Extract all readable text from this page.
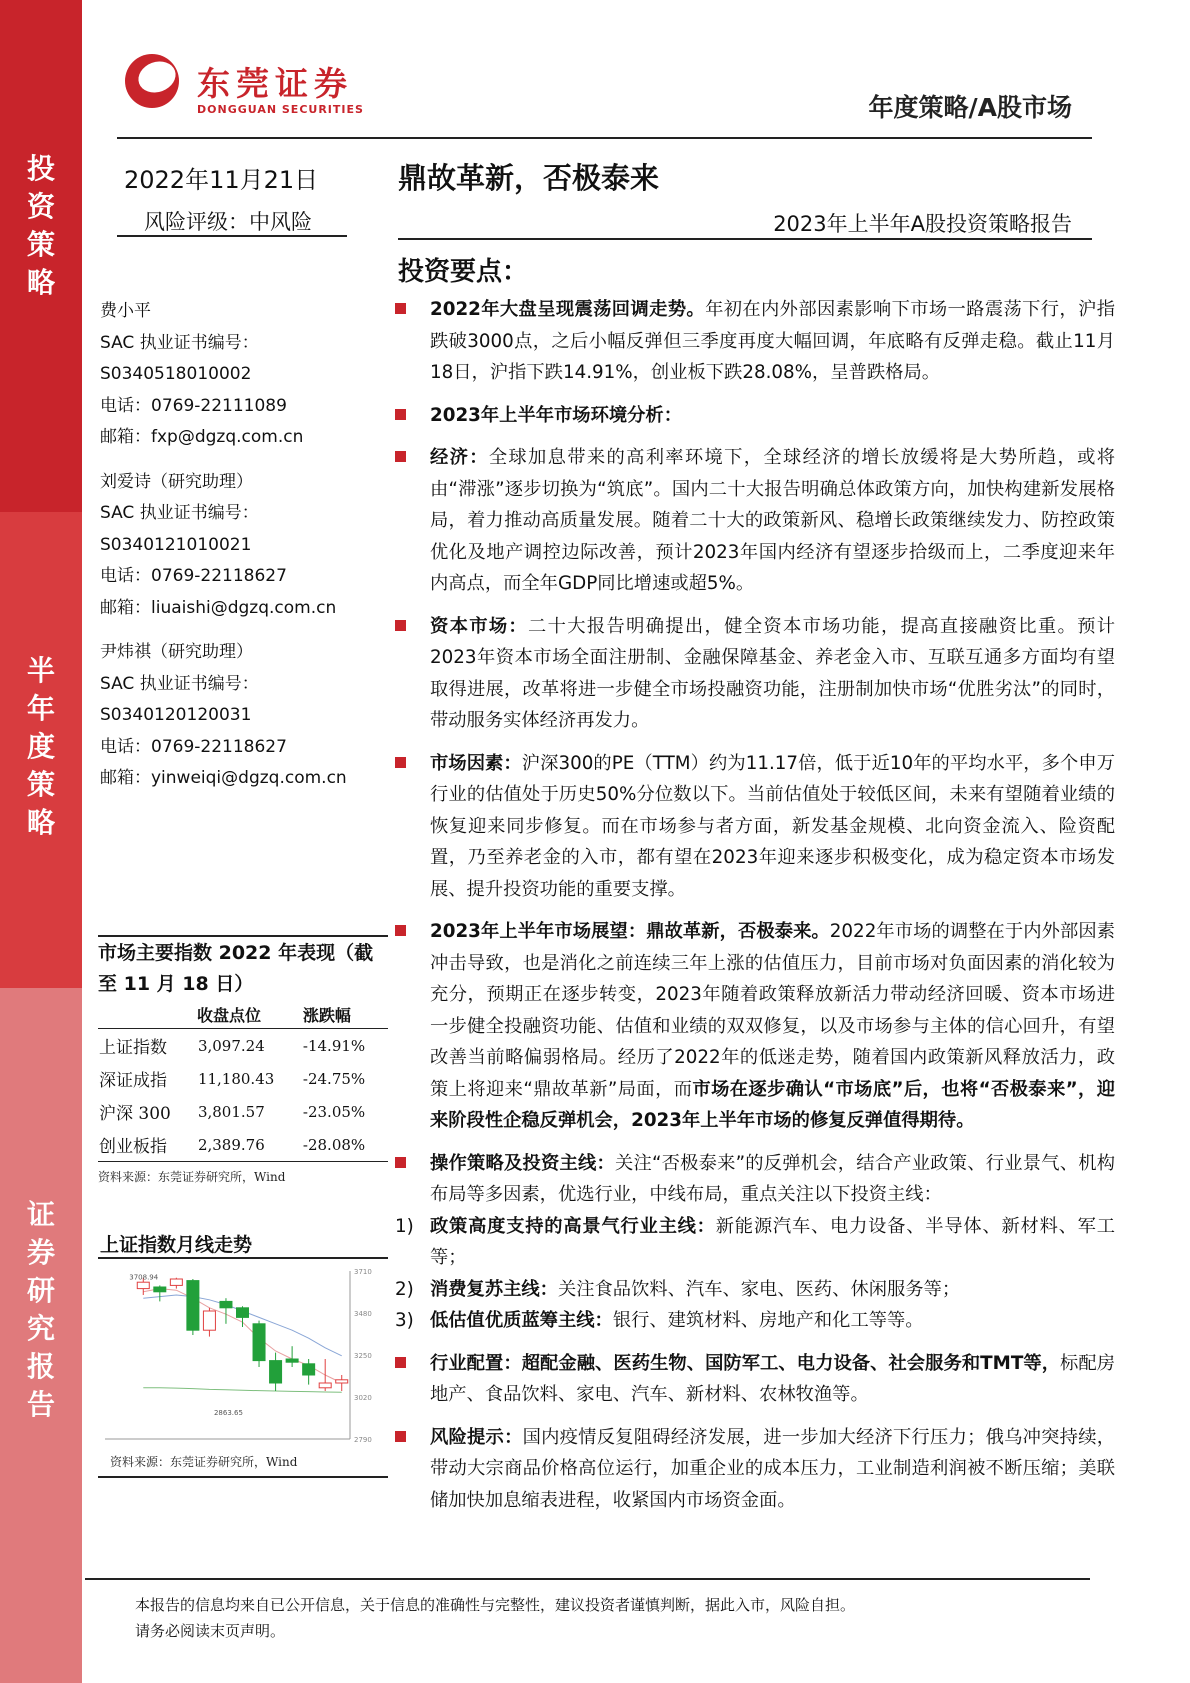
投
资
策
略
半
年
度
策
略
证
券
研
究
报
告
东莞证券
DONGGUAN SECURITIES	年度策略/A股市场
2022年11月21日
风险评级：中风险
鼎故革新，否极泰来
2023年上半年A股投资策略报告
投资要点：
费小平
SAC 执业证书编号：
S0340518010002
电话：0769-22111089
邮箱：fxp@dgzq.com.cn
刘爱诗（研究助理）
SAC 执业证书编号：
S0340121010021
电话：0769-22118627
邮箱：liuaishi@dgzq.com.cn
尹炜祺（研究助理）
SAC 执业证书编号：
S0340120120031
电话：0769-22118627
邮箱：yinweiqi@dgzq.com.cn
市场主要指数 2022 年表现（截至 11 月 18 日）
	收盘点位	涨跌幅
上证指数	3,097.24	-14.91%
深证成指	11,180.43	-24.75%
沪深 300	3,801.57	-23.05%
创业板指	2,389.76	-28.08%
资料来源：东莞证券研究所，Wind
上证指数月线走势
3710
3480
3250
3020
2790
3708.94
2863.65
资料来源：东莞证券研究所，Wind
2022年大盘呈现震荡回调走势。年初在内外部因素影响下市场一路震荡下行，沪指跌破3000点，之后小幅反弹但三季度再度大幅回调，年底略有反弹走稳。截止11月18日，沪指下跌14.91%，创业板下跌28.08%，呈普跌格局。
2023年上半年市场环境分析：
经济：全球加息带来的高利率环境下，全球经济的增长放缓将是大势所趋，或将由“滞涨”逐步切换为“筑底”。国内二十大报告明确总体政策方向，加快构建新发展格局，着力推动高质量发展。随着二十大的政策新风、稳增长政策继续发力、防控政策优化及地产调控边际改善，预计2023年国内经济有望逐步拾级而上，二季度迎来年内高点，而全年GDP同比增速或超5%。
资本市场：二十大报告明确提出，健全资本市场功能，提高直接融资比重。预计2023年资本市场全面注册制、金融保障基金、养老金入市、互联互通多方面均有望取得进展，改革将进一步健全市场投融资功能，注册制加快市场“优胜劣汰”的同时，带动服务实体经济再发力。
市场因素：沪深300的PE（TTM）约为11.17倍，低于近10年的平均水平，多个申万行业的估值处于历史50%分位数以下。当前估值处于较低区间，未来有望随着业绩的恢复迎来同步修复。而在市场参与者方面，新发基金规模、北向资金流入、险资配置，乃至养老金的入市，都有望在2023年迎来逐步积极变化，成为稳定资本市场发展、提升投资功能的重要支撑。
2023年上半年市场展望：鼎故革新，否极泰来。2022年市场的调整在于内外部因素冲击导致，也是消化之前连续三年上涨的估值压力，目前市场对负面因素的消化较为充分，预期正在逐步转变，2023年随着政策释放新活力带动经济回暖、资本市场进一步健全投融资功能、估值和业绩的双双修复，以及市场参与主体的信心回升，有望改善当前略偏弱格局。经历了2022年的低迷走势，随着国内政策新风释放活力，政策上将迎来“鼎故革新”局面，而市场在逐步确认“市场底”后，也将“否极泰来”，迎来阶段性企稳反弹机会，2023年上半年市场的修复反弹值得期待。
操作策略及投资主线：关注“否极泰来”的反弹机会，结合产业政策、行业景气、机构布局等多因素，优选行业，中线布局，重点关注以下投资主线：
1) 政策高度支持的高景气行业主线：新能源汽车、电力设备、半导体、新材料、军工等；
2) 消费复苏主线：关注食品饮料、汽车、家电、医药、休闲服务等；
3) 低估值优质蓝筹主线：银行、建筑材料、房地产和化工等等。
行业配置：超配金融、医药生物、国防军工、电力设备、社会服务和TMT等，标配房地产、食品饮料、家电、汽车、新材料、农林牧渔等。
风险提示：国内疫情反复阻碍经济发展，进一步加大经济下行压力；俄乌冲突持续，带动大宗商品价格高位运行，加重企业的成本压力，工业制造利润被不断压缩；美联储加快加息缩表进程，收紧国内市场资金面。
本报告的信息均来自已公开信息，关于信息的准确性与完整性，建议投资者谨慎判断，据此入市，风险自担。
请务必阅读末页声明。
